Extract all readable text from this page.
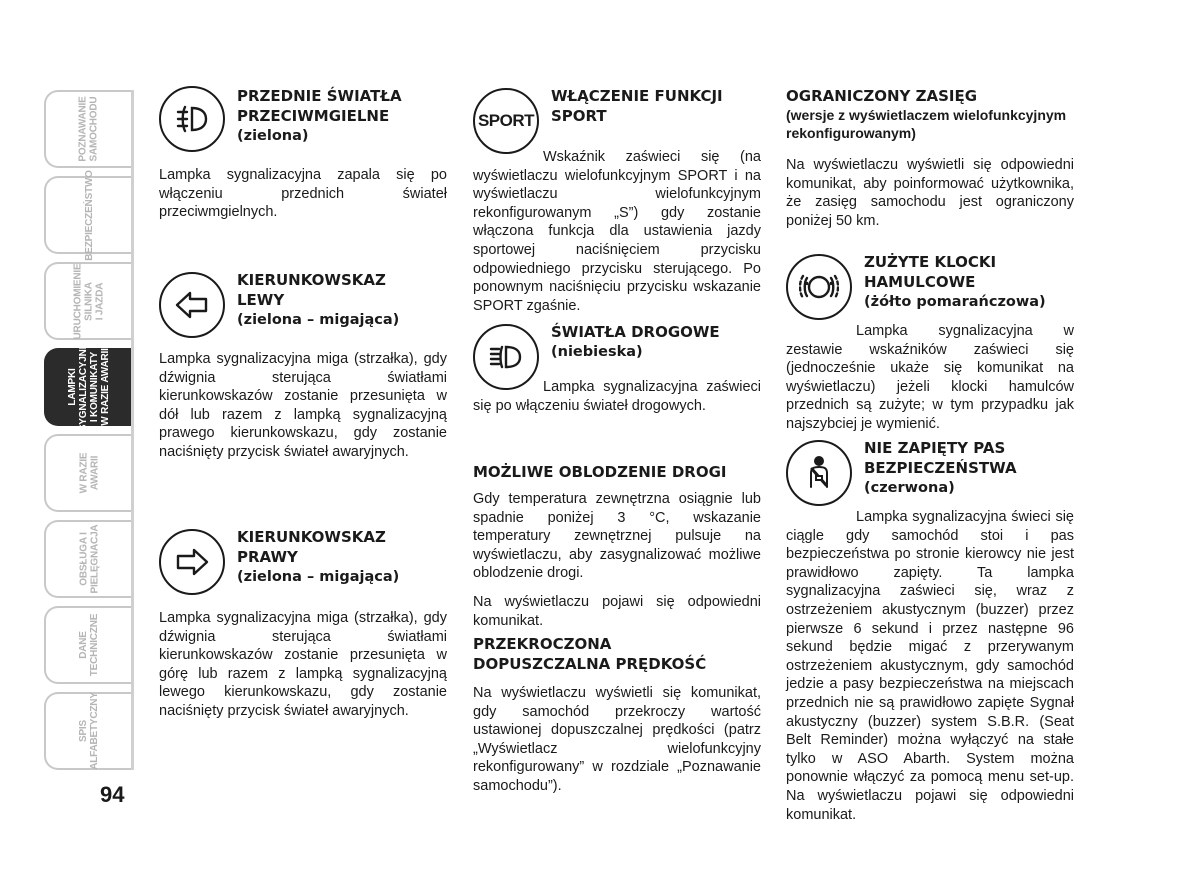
POZNAWANIE
SAMOCHODU
BEZPIECZEŃSTWO
URUCHOMIENIE
SILNIKA
I JAZDA
LAMPKI
SYGNALIZACYJNE
I KOMUNIKATY
W RAZIE AWARII
W RAZIE
AWARII
OBSŁUGA I
PIELĘGNACJA
DANE
TECHNICZNE
SPIS
ALFABETYCZNY
94
PRZEDNIE ŚWIATŁA
PRZECIWMGIELNE

(zielona)
Lampka sygnalizacyjna zapala się po włączeniu przednich świateł przeciwmgielnych.
KIERUNKOWSKAZ
LEWY

(zielona – migająca)
Lampka sygnalizacyjna miga (strzałka), gdy dźwignia sterująca światłami kierunkowskazów zostanie przesunięta w dół lub razem z lampką sygnalizacyjną prawego kierunkowskazu, gdy zostanie naciśnięty przycisk świateł awaryjnych.
KIERUNKOWSKAZ
PRAWY

(zielona – migająca)
Lampka sygnalizacyjna miga (strzałka), gdy dźwignia sterująca światłami kierunkowskazów zostanie przesunięta w górę lub razem z lampką sygnalizacyjną lewego kierunkowskazu, gdy zostanie naciśnięty przycisk świateł awaryjnych.
SPORT
WŁĄCZENIE FUNKCJI
SPORT
Wskaźnik zaświeci się (na wyświetlaczu wielofunkcyjnym SPORT i na wyświetlaczu wielofunkcyjnym rekonfigurowanym „S”) gdy zostanie włączona funkcja dla ustawienia jazdy sportowej naciśnięciem przycisku odpowiedniego przycisku sterującego. Po ponownym naciśnięciu przycisku wskazanie SPORT zgaśnie.
ŚWIATŁA DROGOWE

(niebieska)
Lampka sygnalizacyjna zaświeci się po włączeniu świateł drogowych.
MOŻLIWE OBLODZENIE DROGI

Gdy temperatura zewnętrzna osiągnie lub spadnie poniżej 3 °C, wskazanie temperatury zewnętrznej pulsuje na wyświetlaczu, aby zasygnalizować możliwe oblodzenie drogi.

Na wyświetlaczu pojawi się odpowiedni komunikat.

PRZEKROCZONA
DOPUSZCZALNA PRĘDKOŚĆ
Na wyświetlaczu wyświetli się komunikat, gdy samochód przekroczy wartość ustawionej dopuszczalnej prędkości (patrz „Wyświetlacz wielofunkcyjny rekonfigurowany” w rozdziale „Poznawanie samochodu”).
OGRANICZONY ZASIĘG
(wersje z wyświetlaczem wielofunkcyjnym rekonfigurowanym)
Na wyświetlaczu wyświetli się odpowiedni komunikat, aby poinformować użytkownika, że zasięg samochodu jest ograniczony poniżej 50 km.
ZUŻYTE KLOCKI
HAMULCOWE

(żółto pomarańczowa)
Lampka sygnalizacyjna w zestawie wskaźników zaświeci się (jednocześnie ukaże się komunikat na wyświetlaczu) jeżeli klocki hamulców przednich są zużyte; w tym przypadku jak najszybciej je wymienić.
NIE ZAPIĘTY PAS
BEZPIECZEŃSTWA

(czerwona)
Lampka sygnalizacyjna świeci się ciągle gdy samochód stoi i pas bezpieczeństwa po stronie kierowcy nie jest prawidłowo zapięty. Ta lampka sygnalizacyjna zaświeci się, wraz z ostrzeżeniem akustycznym (buzzer) przez pierwsze 6 sekund i przez następne 96 sekund będzie migać z przerywanym ostrzeżeniem akustycznym, gdy samochód jedzie a pasy bezpieczeństwa na miejscach przednich nie są prawidłowo zapięte Sygnał akustyczny (buzzer) system S.B.R. (Seat Belt Reminder) można wyłączyć na stałe tylko w ASO Abarth. System można ponownie włączyć za pomocą menu set-up. Na wyświetlaczu pojawi się odpowiedni komunikat.
